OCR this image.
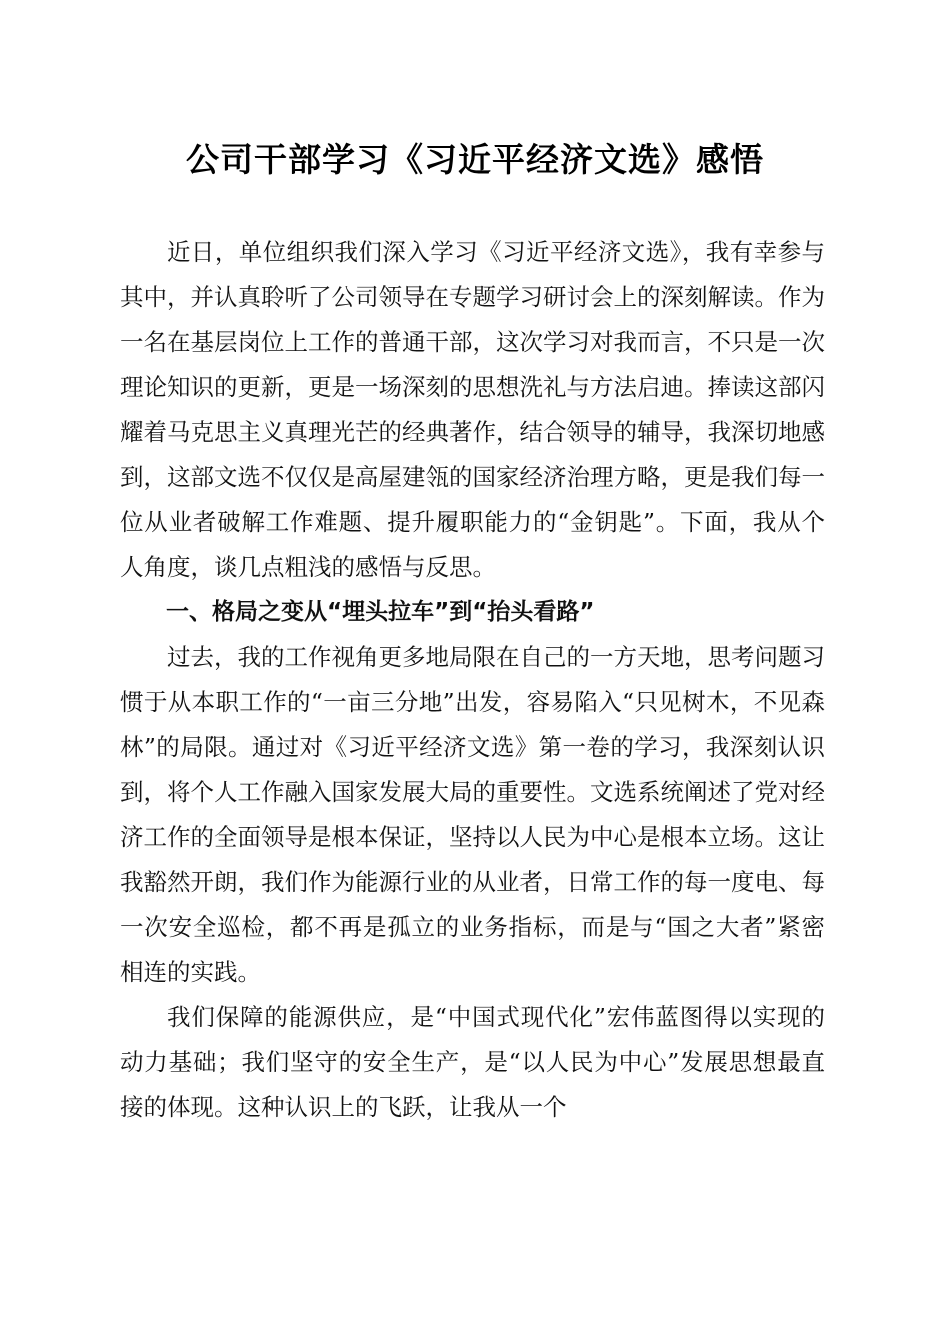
公司干部学习《习近平经济文选》感悟

近日，单位组织我们深入学习《习近平经济文选》，我有幸参与其中，并认真聆听了公司领导在专题学习研讨会上的深刻解读。作为一名在基层岗位上工作的普通干部，这次学习对我而言，不只是一次理论知识的更新，更是一场深刻的思想洗礼与方法启迪。捧读这部闪耀着马克思主义真理光芒的经典著作，结合领导的辅导，我深切地感到，这部文选不仅仅是高屋建瓴的国家经济治理方略，更是我们每一位从业者破解工作难题、提升履职能力的“金钥匙”。下面，我从个人角度，谈几点粗浅的感悟与反思。

一、格局之变从“埋头拉车”到“抬头看路”

过去，我的工作视角更多地局限在自己的一方天地，思考问题习惯于从本职工作的“一亩三分地”出发，容易陷入“只见树木，不见森林”的局限。通过对《习近平经济文选》第一卷的学习，我深刻认识到，将个人工作融入国家发展大局的重要性。文选系统阐述了党对经济工作的全面领导是根本保证，坚持以人民为中心是根本立场。这让我豁然开朗，我们作为能源行业的从业者，日常工作的每一度电、每一次安全巡检，都不再是孤立的业务指标，而是与“国之大者”紧密相连的实践。

我们保障的能源供应，是“中国式现代化”宏伟蓝图得以实现的动力基础；我们坚守的安全生产，是“以人民为中心”发展思想最直接的体现。这种认识上的飞跃，让我从一个
